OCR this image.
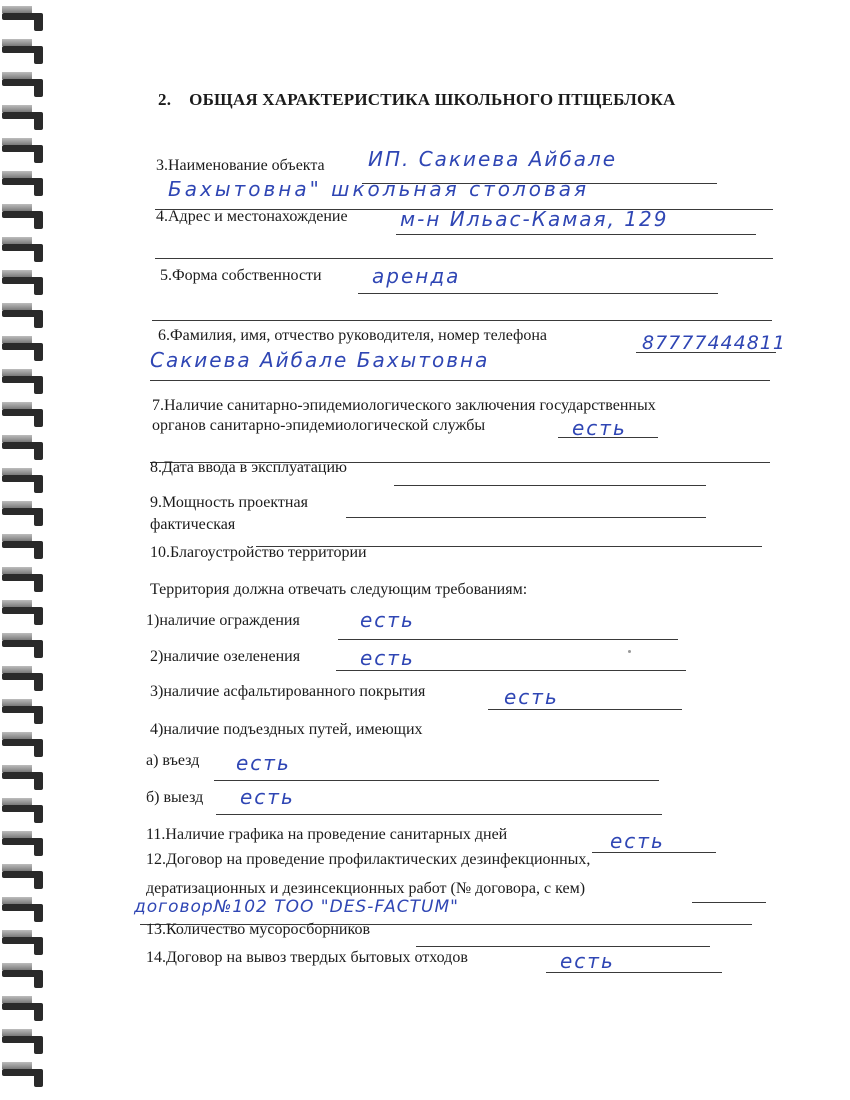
2. ОБЩАЯ ХАРАКТЕРИСТИКА ШКОЛЬНОГО ПТЩЕБЛОКА
3.Наименование объекта ИП. Сакиева Айбале
Бахытовна" школьная столовая
4.Адрес и местонахождение	м-н Ильас-Камая, 129
5.Форма собственности	аренда
6.Фамилия, имя, отчество руководителя, номер телефона	87777444811
Сакиева Айбале Бахытовна
7.Наличие санитарно-эпидемиологического заключения государственных
органов санитарно-эпидемиологической службы	есть
8.Дата ввода в эксплуатацию
9.Мощность проектная
фактическая
10.Благоустройство территории
Территория должна отвечать следующим требованиям:
1)наличие ограждения	есть
2)наличие озеленения	есть
3)наличие асфальтированного покрытия	есть
4)наличие подъездных путей, имеющих
а) въезд есть
б) выезд есть
11.Наличие графика на проведение санитарных дней	есть
12.Договор на проведение профилактических дезинфекционных,
дератизационных и дезинсекционных работ (№ договора, с кем)
договор№102 ТОО "DES-FACTUM"
13.Количество мусоросборников
14.Договор на вывоз твердых бытовых отходов	есть
